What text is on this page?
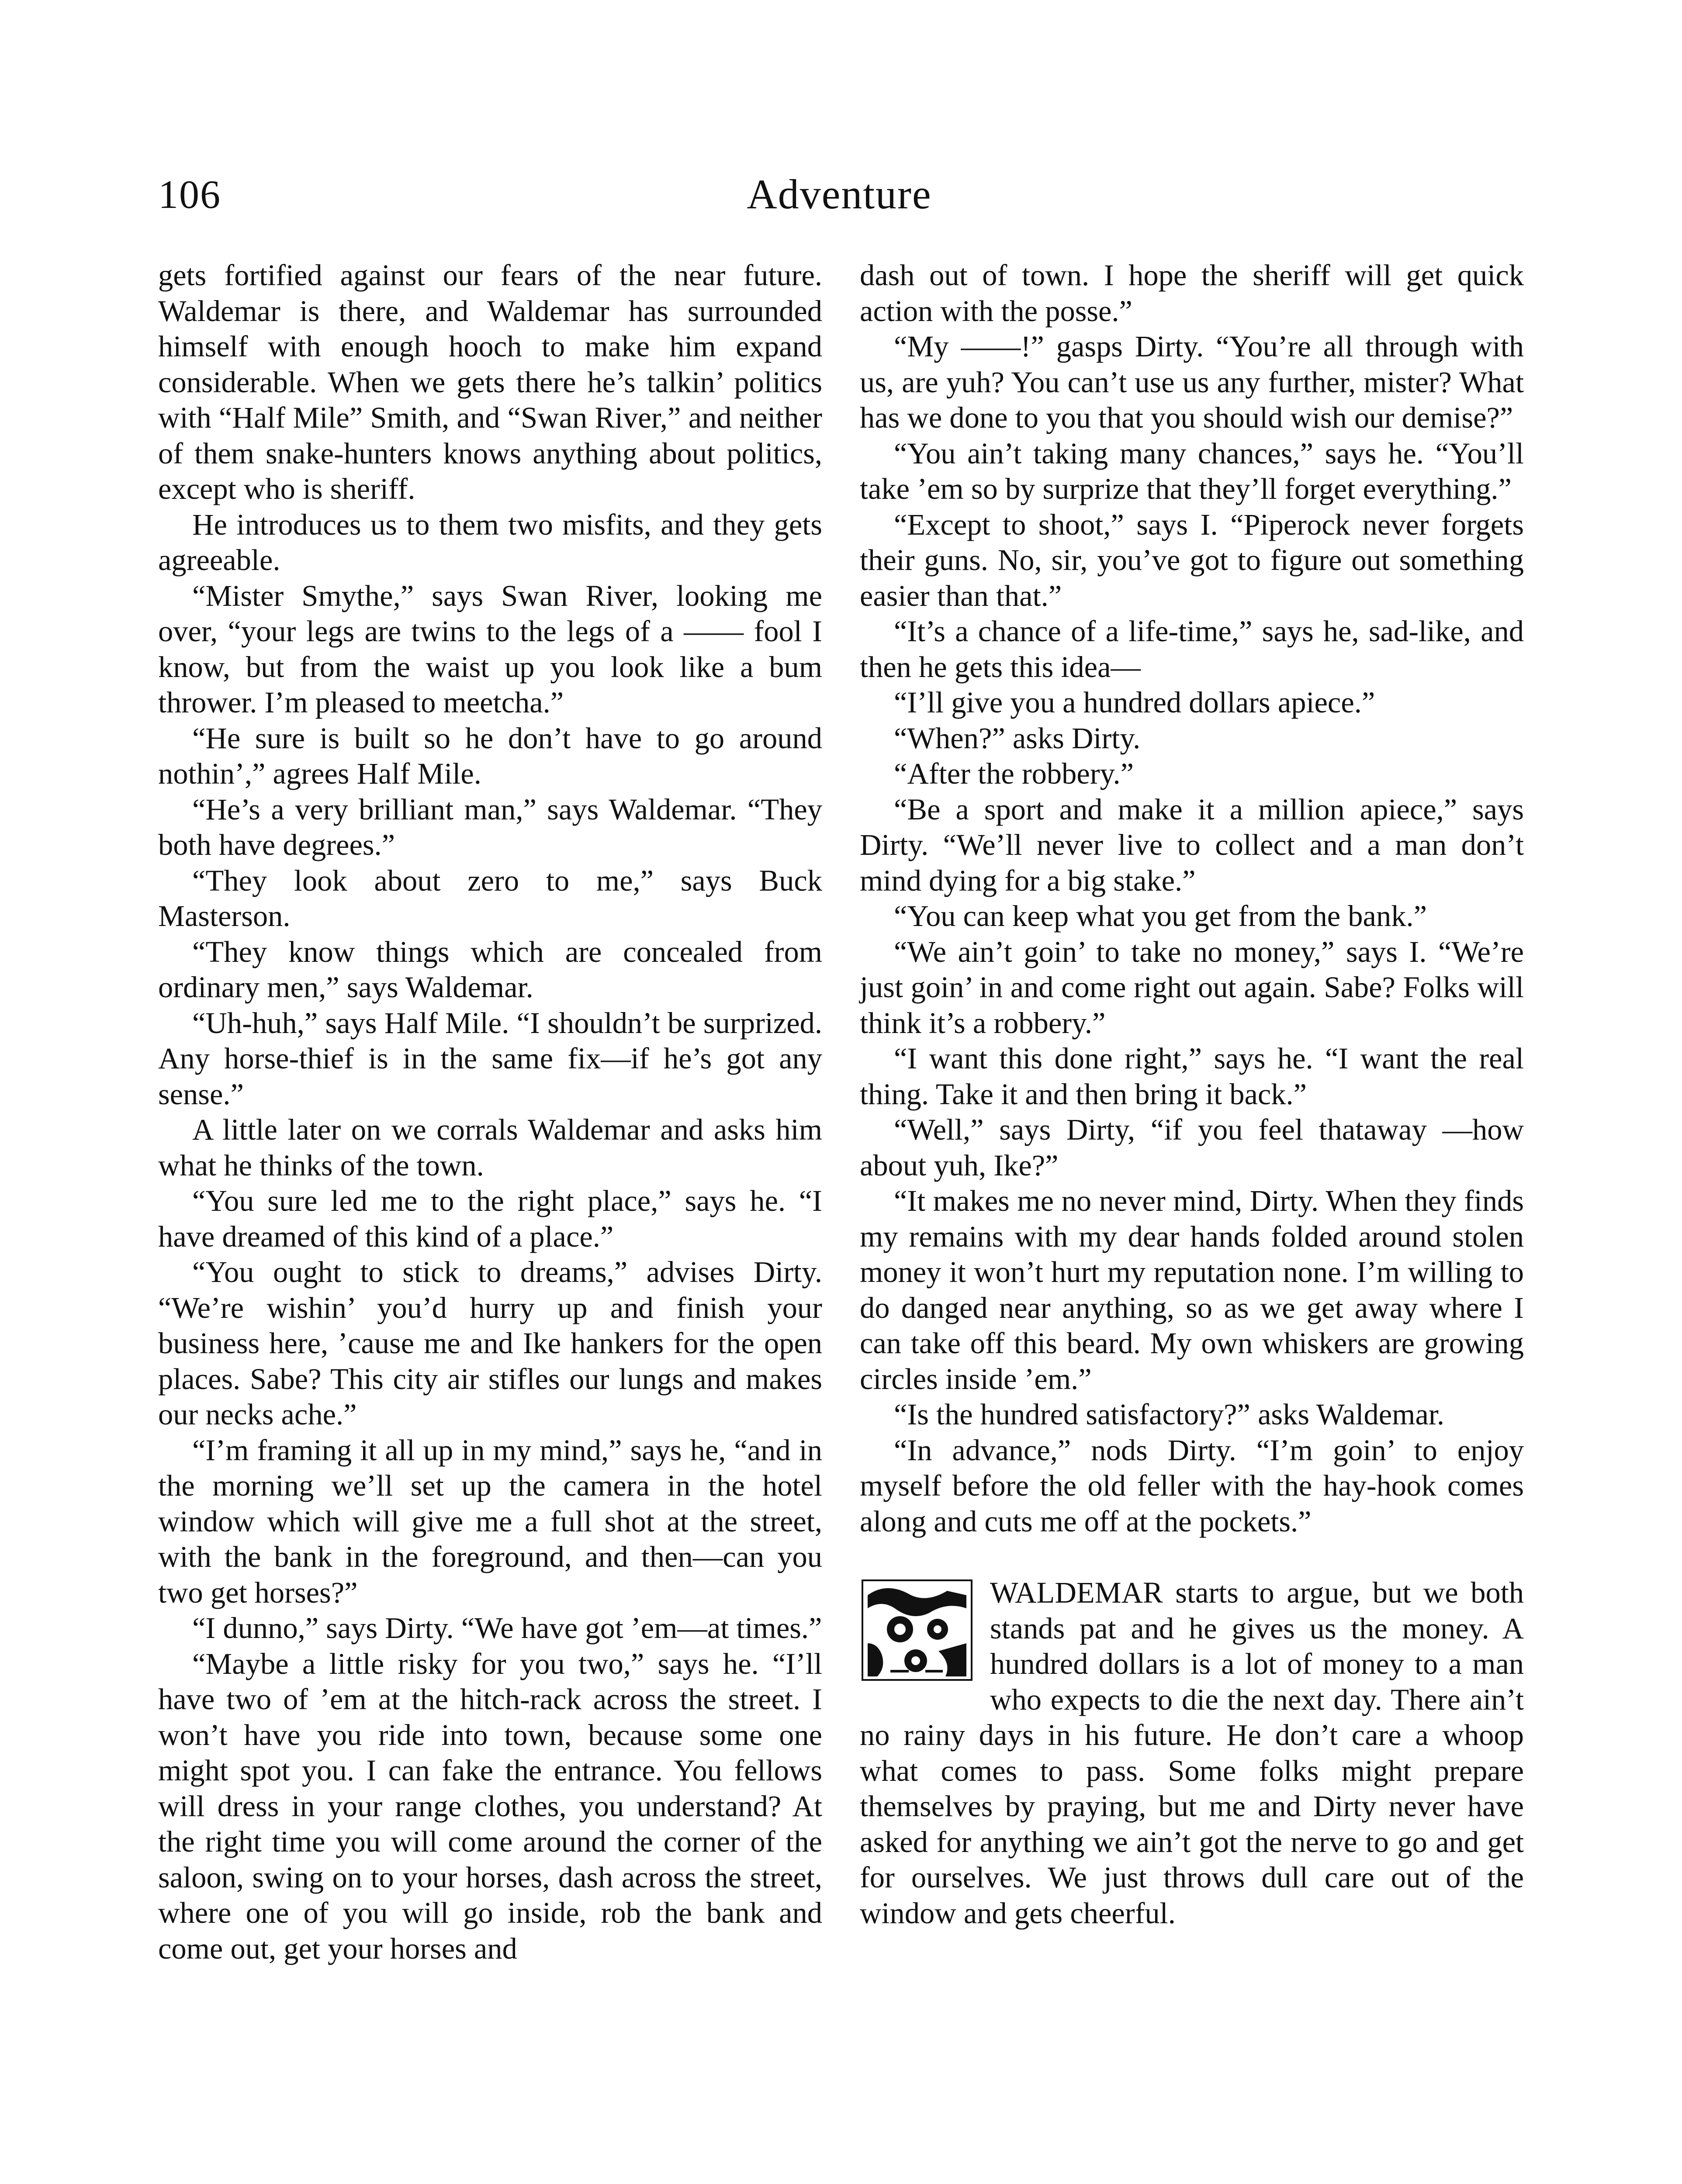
106	Adventure

gets fortified against our fears of the near future. Waldemar is there, and Waldemar has surrounded himself with enough hooch to make him expand considerable. When we gets there he’s talkin’ politics with “Half Mile” Smith, and “Swan River,” and neither of them snake-hunters knows anything about politics, except who is sheriff.

He introduces us to them two misfits, and they gets agreeable.

“Mister Smythe,” says Swan River, looking me over, “your legs are twins to the legs of a —— fool I know, but from the waist up you look like a bum thrower. I’m pleased to meetcha.”

“He sure is built so he don’t have to go around nothin’,” agrees Half Mile.

“He’s a very brilliant man,” says Waldemar. “They both have degrees.”

“They look about zero to me,” says Buck Masterson.

“They know things which are concealed from ordinary men,” says Waldemar.

“Uh-huh,” says Half Mile. “I shouldn’t be surprized. Any horse-thief is in the same fix—if he’s got any sense.”

A little later on we corrals Waldemar and asks him what he thinks of the town.

“You sure led me to the right place,” says he. “I have dreamed of this kind of a place.”

“You ought to stick to dreams,” advises Dirty. “We’re wishin’ you’d hurry up and finish your business here, ’cause me and Ike hankers for the open places. Sabe? This city air stifles our lungs and makes our necks ache.”

“I’m framing it all up in my mind,” says he, “and in the morning we’ll set up the camera in the hotel window which will give me a full shot at the street, with the bank in the foreground, and then—can you two get horses?”

“I dunno,” says Dirty. “We have got ’em—at times.”

“Maybe a little risky for you two,” says he. “I’ll have two of ’em at the hitch-rack across the street. I won’t have you ride into town, because some one might spot you. I can fake the entrance. You fellows will dress in your range clothes, you understand? At the right time you will come around the corner of the saloon, swing on to your horses, dash across the street, where one of you will go inside, rob the bank and come out, get your horses and

dash out of town. I hope the sheriff will get quick action with the posse.”

“My ——!” gasps Dirty. “You’re all through with us, are yuh? You can’t use us any further, mister? What has we done to you that you should wish our demise?”

“You ain’t taking many chances,” says he. “You’ll take ’em so by surprize that they’ll forget everything.”

“Except to shoot,” says I. “Piperock never forgets their guns. No, sir, you’ve got to figure out something easier than that.”

“It’s a chance of a life-time,” says he, sad-like, and then he gets this idea—

“I’ll give you a hundred dollars apiece.”

“When?” asks Dirty.

“After the robbery.”

“Be a sport and make it a million apiece,” says Dirty. “We’ll never live to collect and a man don’t mind dying for a big stake.”

“You can keep what you get from the bank.”

“We ain’t goin’ to take no money,” says I. “We’re just goin’ in and come right out again. Sabe? Folks will think it’s a robbery.”

“I want this done right,” says he. “I want the real thing. Take it and then bring it back.”

“Well,” says Dirty, “if you feel thataway —how about yuh, Ike?”

“It makes me no never mind, Dirty. When they finds my remains with my dear hands folded around stolen money it won’t hurt my reputation none. I’m willing to do danged near anything, so as we get away where I can take off this beard. My own whiskers are growing circles inside ’em.”

“Is the hundred satisfactory?” asks Waldemar.

“In advance,” nods Dirty. “I’m goin’ to enjoy myself before the old feller with the hay-hook comes along and cuts me off at the pockets.”

WALDEMAR starts to argue, but we both stands pat and he gives us the money. A hundred dollars is a lot of money to a man who expects to die the next day. There ain’t no rainy days in his future. He don’t care a whoop what comes to pass. Some folks might prepare themselves by praying, but me and Dirty never have asked for anything we ain’t got the nerve to go and get for ourselves. We just throws dull care out of the window and gets cheerful.
